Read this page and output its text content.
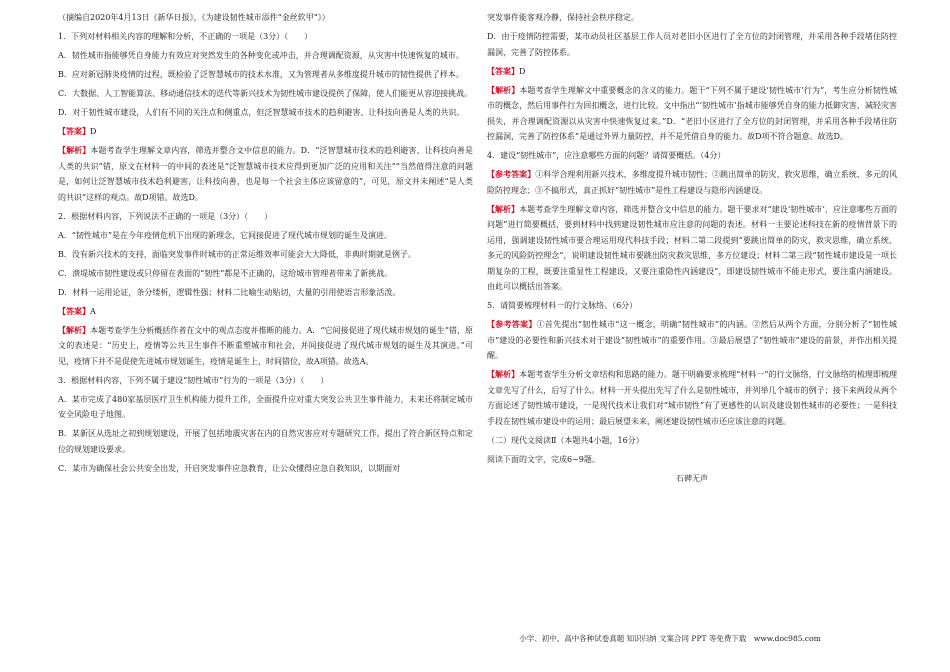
（摘编自2020年4月13日《新华日报》，《为建设韧性城市添件“金丝软甲”》）

1．下列对材料相关内容的理解和分析，不正确的一项是（3分）（　　）

A．韧性城市指能够凭自身能力有效应对突然发生的各种变化或冲击，并合理调配资源，从灾害中快速恢复的城市。

B．应对新冠肺炎疫情的过程，既检验了泛智慧城市的技术水准，又为管理者从多维度提升城市的韧性提供了样本。

C．大数据、人工智能算法、移动通信技术的迭代等新兴技术为韧性城市建设提供了保障，使人们能更从容迎接挑战。

D．对于韧性城市建设，人们有不同的关注点和侧重点，但泛智慧城市技术的趋利避害、让科技向善是人类的共识。

【答案】D

【解析】本题考查学生理解文章内容，筛选并整合文中信息的能力。D．“泛智慧城市技术的趋利避害、让科技向善是人类的共识”错，原文在材料一的中间的表述是“泛智慧城市技术应得到更加广泛的应用和关注”“当然值得注意的问题是，如何让泛智慧城市技术趋利避害，让科技向善，也是每一个社会主体应该留意的”，可见，原文并未阐述“是人类的共识”这样的观点。故D项错。故选D。

2．根据材料内容，下列说法不正确的一项是（3分）（　　）

A．“韧性城市”是在今年疫情危机下出现的新理念，它间接促进了现代城市规划的诞生及演进。

B．没有新兴技术的支持，面临突发事件时城市的正常运维效率可能会大大降低，非典时期就是例子。

C．溃堤城市韧性建设或只停留在表面的“韧性”都是不正确的，这给城市管理者带来了新挑战。

D．材料一运用论证，条分缕析，逻辑性强；材料二比喻生动贴切，大量的引用使语言形象活泼。

【答案】A

【解析】本题考查学生分析概括作者在文中的观点态度并推断的能力。A．“它间接促进了现代城市规划的诞生”错，原文的表述是：“历史上，疫情等公共卫生事件不断重塑城市和社会，并间接促进了现代城市规划的诞生及其演进。”可见，疫情下并不是促使先进城市规划诞生，疫情是诞生上，时间错位，故A项错。故选A。

3．根据材料内容，下列不属于建设“韧性城市”行为的一项是（3分）（　　）

A．某市完成了480家基层医疗卫生机构能力提升工作，全面提升应对重大突发公共卫生事件能力，未来还将制定城市安全风险电子地图。

B．某新区从选址之初到规划建设，开展了包括地震灾害在内的自然灾害应对专题研究工作，提出了符合新区特点和定位的规划建设要求。

C．某市为确保社会公共安全出发，开启突发事件应急教育，让公众懂得应急自救知识，以期面对

突发事件能客观冷静，保持社会秩序稳定。

D．由于疫情防控需要，某市动员社区基层工作人员对老旧小区进行了全方位的封闭管理，并采用各种手段堵住防控漏洞，完善了防控体系。

【答案】D

【解析】本题考查学生理解文中重要概念的含义的能力。题干“下列不属于建设‘韧性城市’行为”，考生应分析韧性城市的概念，然后用事件行为回扣概念，进行比较。文中指出“‘韧性城市’指城市能够凭自身的能力抵御灾害，减轻灾害损失，并合理调配资源以从灾害中快速恢复过来。”D．“老旧小区进行了全方位的封闭管理，并采用各种手段堵住防控漏洞，完善了防控体系”是通过外界力量防控，并不是凭借自身的能力。故D项不符合题意。故选D。

4．建设“韧性城市”，应注意哪些方面的问题？请简要概括。（4分）

【参考答案】①科学合理利用新兴技术，多维度提升城市韧性；②跳出简单的防灾、救灾思维，确立系统、多元的风险防控理念；③不搞形式，真正抓好“韧性城市”是性工程建设与隐形内涵建设。

【解析】本题考查学生理解文章内容，筛选并整合文中信息的能力。题干要求对“建设‘韧性城市’，应注意哪些方面的问题”进行简要概括，要到材料中找到建设韧性城市应注意的问题的表述。材料一主要论述科技在新的疫情背景下的运用，强调建设韧性城市要合理运用现代科技手段；材料二第二段提到“要跳出简单的防灾、救灾思维，确立系统、多元的风险防控理念”，说明建设韧性城市要跳出防灾救灾思维，多方位建设；材料二第三段“韧性城市建设是一项长期复杂的工程，既要注重显性工程建设，又要注重隐性内涵建设”，即建设韧性城市不能走形式，要注重内涵建设。由此可以概括出答案。

5．请简要梳理材料一的行文脉络。（6分）

【参考答案】①首先提出“韧性城市”这一概念，明确“韧性城市”的内涵。②然后从两个方面，分别分析了“韧性城市”建设的必要性和新兴技术对于建设“韧性城市”的重要作用。③最后展望了“韧性城市”建设的前景，并作出相关提醒。

【解析】本题考查学生分析文章结构和思路的能力。题干明确要求梳理“材料一”的行文脉络，行文脉络的梳理即梳理文章先写了什么，后写了什么。材料一开头提出先写了什么是韧性城市，并列举几个城市的例子；接下来两段从两个方面论述了韧性城市建设，一是现代技术让我们对“城市韧性”有了更感性的认识及建设韧性城市的必要性；一是科技手段在韧性城市建设中的运用；最后展望未来，阐述建设韧性城市还应该注意的问题。

（二）现代文阅读Ⅱ（本题共4小题，16分）

阅读下面的文字，完成6~9题。

石碑无声

小学、初中、高中各种试卷真题 知识归纳 文案合同 PPT 等免费下载　www.doc985.com
